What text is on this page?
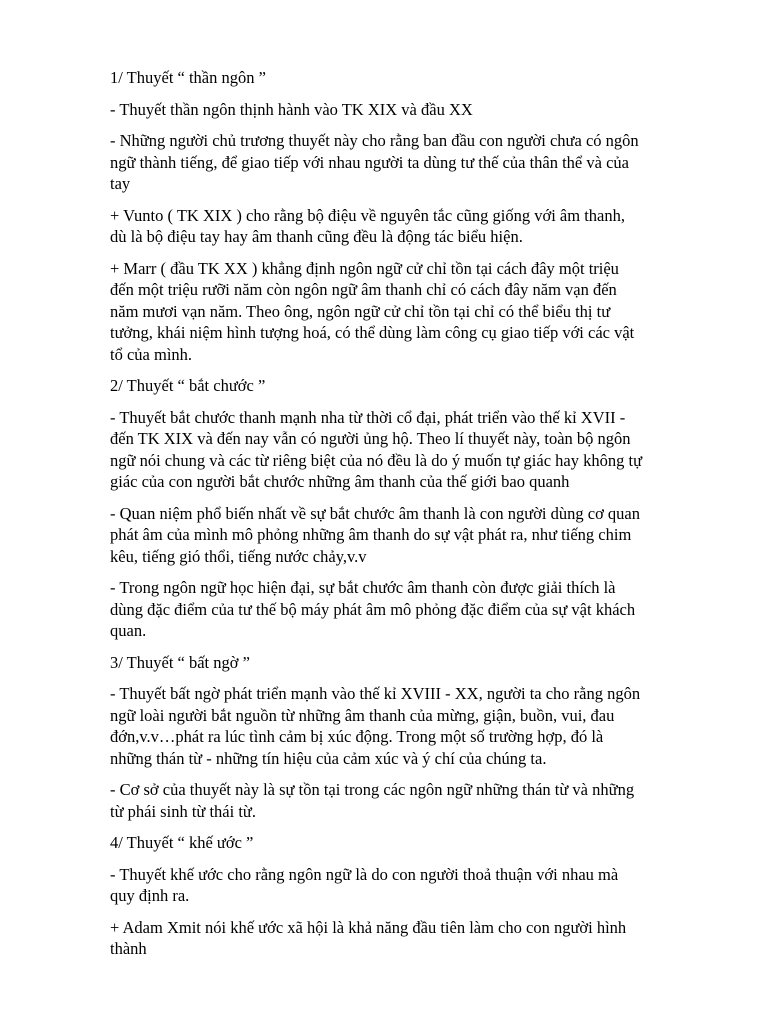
1/ Thuyết “ thần ngôn ”

- Thuyết thần ngôn thịnh hành vào TK XIX và đầu XX

- Những người chủ trương thuyết này cho rằng ban đầu con người chưa có ngôn
ngữ thành tiếng, để giao tiếp với nhau người ta dùng tư thế của thân thể và của
tay

+ Vunto ( TK XIX ) cho rằng bộ điệu về nguyên tắc cũng giống với âm thanh,
dù là bộ điệu tay hay âm thanh cũng đều là động tác biểu hiện.

+ Marr ( đầu TK XX ) khẳng định ngôn ngữ cử chỉ tồn tại cách đây một triệu
đến một triệu rưỡi năm còn ngôn ngữ âm thanh chỉ có cách đây năm vạn đến
năm mươi vạn năm. Theo ông, ngôn ngữ cử chỉ tồn tại chỉ có thể biểu thị tư
tưởng, khái niệm hình tượng hoá, có thể dùng làm công cụ giao tiếp với các vật
tổ của mình.

2/ Thuyết “ bắt chước ”

- Thuyết bắt chước thanh mạnh nha từ thời cổ đại, phát triển vào thế kỉ XVII -
đến TK XIX và đến nay vẫn có người ủng hộ. Theo lí thuyết này, toàn bộ ngôn
ngữ nói chung và các từ riêng biệt của nó đều là do ý muốn tự giác hay không tự
giác của con người bắt chước những âm thanh của thế giới bao quanh

- Quan niệm phổ biến nhất về sự bắt chước âm thanh là con người dùng cơ quan
phát âm của mình mô phỏng những âm thanh do sự vật phát ra, như tiếng chim
kêu, tiếng gió thổi, tiếng nước chảy,v.v

- Trong ngôn ngữ học hiện đại, sự bắt chước âm thanh còn được giải thích là
dùng đặc điểm của tư thế bộ máy phát âm mô phỏng đặc điểm của sự vật khách
quan.

3/ Thuyết “ bất ngờ ”

- Thuyết bất ngờ phát triển mạnh vào thế kỉ XVIII - XX, người ta cho rằng ngôn
ngữ loài người bắt nguồn từ những âm thanh của mừng, giận, buồn, vui, đau
đớn,v.v…phát ra lúc tình cảm bị xúc động. Trong một số trường hợp, đó là
những thán từ - những tín hiệu của cảm xúc và ý chí của chúng ta.

- Cơ sở của thuyết này là sự tồn tại trong các ngôn ngữ những thán từ và những
từ phái sinh từ thái từ.

4/ Thuyết “ khế ước ”

- Thuyết khế ước cho rằng ngôn ngữ là do con người thoả thuận với nhau mà
quy định ra.

+ Adam Xmit nói khế ước xã hội là khả năng đầu tiên làm cho con người hình
thành
